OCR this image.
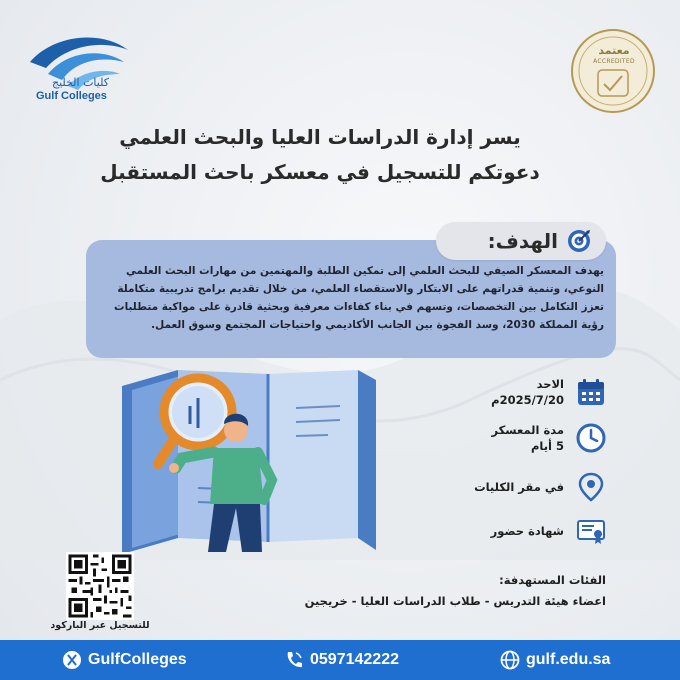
كليات الخليج
Gulf Colleges
معتمد
ACCREDITED
يسر إدارة الدراسات العليا والبحث العلمي
دعوتكم للتسجيل في معسكر باحث المستقبل
الهدف:
يهدف المعسكر الصيفي للبحث العلمي إلى تمكين الطلبة والمهتمين من مهارات البحث العلمي النوعي، وتنمية قدراتهم على الابتكار والاستقصاء العلمي، من خلال تقديم برامج تدريبية متكاملة تعزز التكامل بين التخصصات، وتسهم في بناء كفاءات معرفية وبحثية قادرة على مواكبة متطلبات رؤية المملكة 2030، وسد الفجوة بين الجانب الأكاديمي واحتياجات المجتمع وسوق العمل.
الاحد
2025/7/20م
مدة المعسكر
5 أيام
في مقر الكليات
شهادة حضور
الفئات المستهدفة:
اعضاء هيئة التدريس - طلاب الدراسات العليا - خريجين
للتسجيل عبر الباركود
GulfColleges	0597142222	gulf.edu.sa
